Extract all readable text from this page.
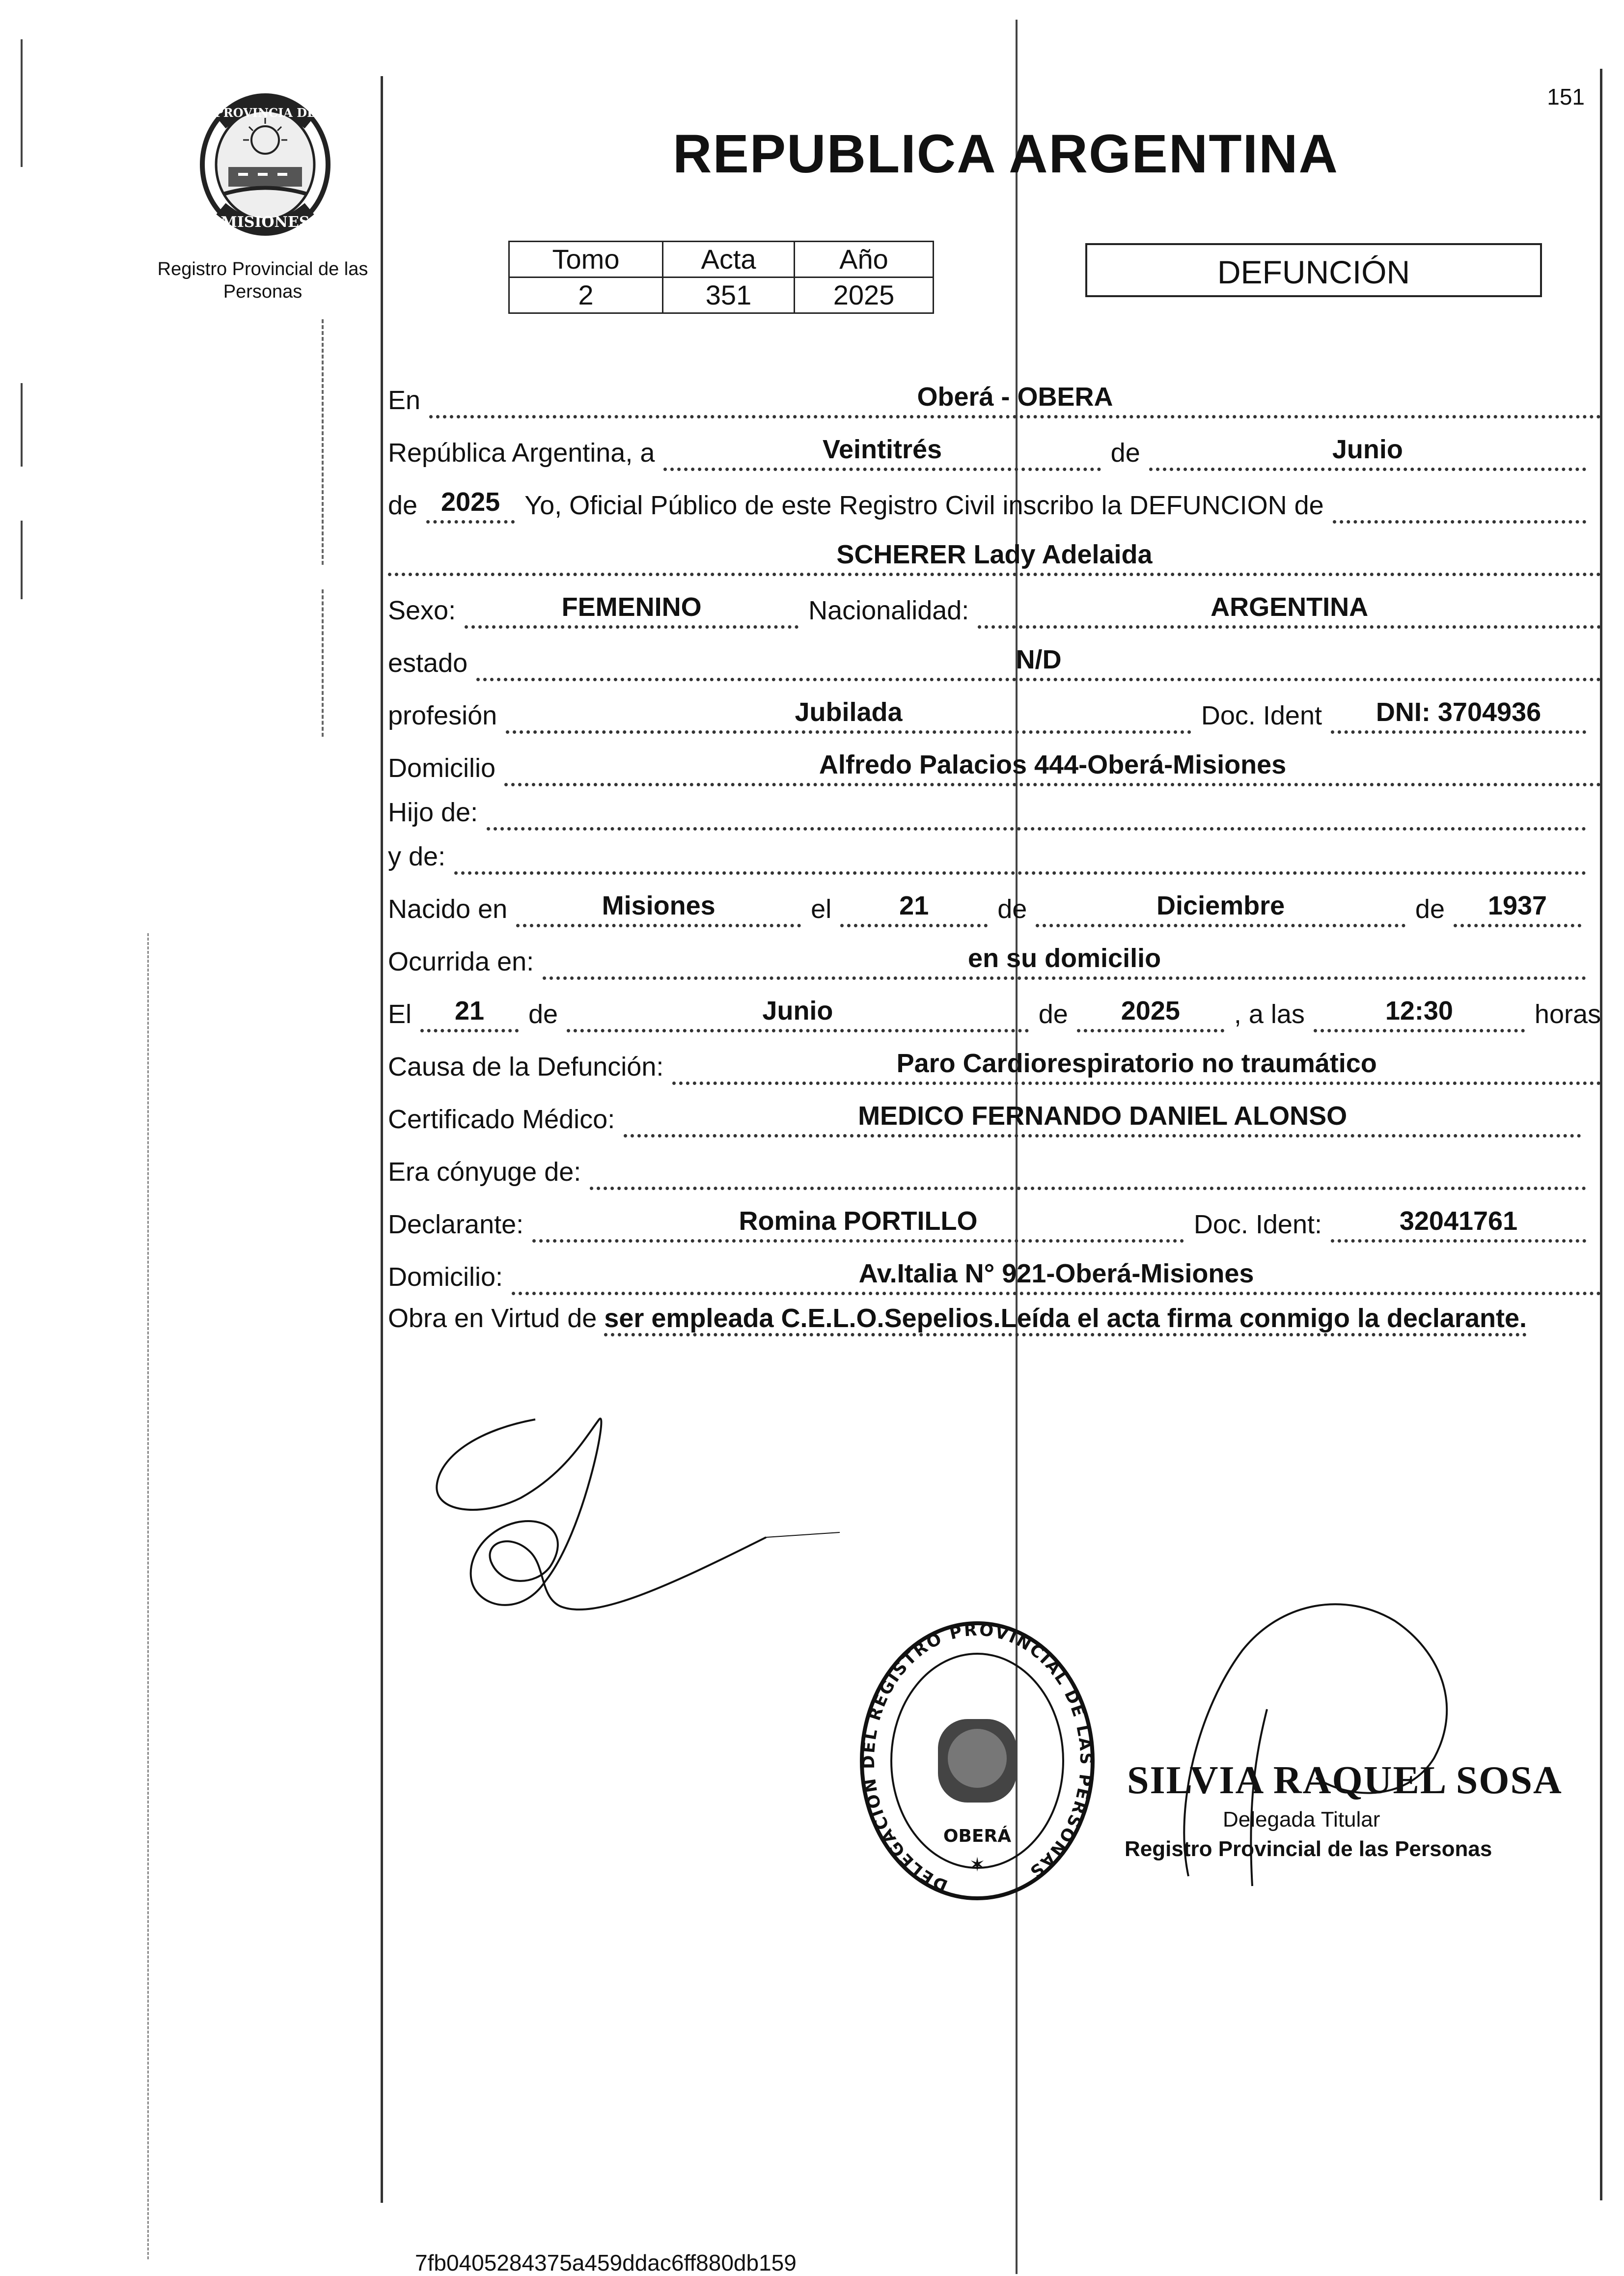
PROVINCIA DE
MISIONES
Registro Provincial de las Personas
151
REPUBLICA ARGENTINA
Tomo	Acta	Año
2	351	2025
DEFUNCIÓN
En	Oberá - OBERA
República Argentina, a	Veintitrés	de	Junio
de 2025 Yo, Oficial Público de este Registro Civil inscribo la DEFUNCION de
SCHERER Lady Adelaida
Sexo:	FEMENINO	Nacionalidad:	ARGENTINA
estado	N/D
profesión	Jubilada	Doc. Ident	DNI: 3704936
Domicilio	Alfredo Palacios 444-Oberá-Misiones
Hijo de:
y de:
Nacido en	Misiones	el	21	de	Diciembre	de	1937
Ocurrida en:	en su domicilio
El	21	de	Junio	de	2025	, a las	12:30	horas
Causa de la Defunción:	Paro Cardiorespiratorio no traumático
Certificado Médico:	MEDICO FERNANDO DANIEL ALONSO
Era cónyuge de:
Declarante:	Romina PORTILLO	Doc. Ident:	32041761
Domicilio:	Av.Italia N° 921-Oberá-Misiones
Obra en Virtud de ser empleada C.E.L.O.Sepelios.Leída el acta firma conmigo la declarante.
DELEGACION DEL REGISTRO PROVINCIAL DE LAS PERSONAS
OBERÁ
✶
SILVIA RAQUEL SOSA
Delegada Titular
Registro Provincial de las Personas
7fb0405284375a459ddac6ff880db159
